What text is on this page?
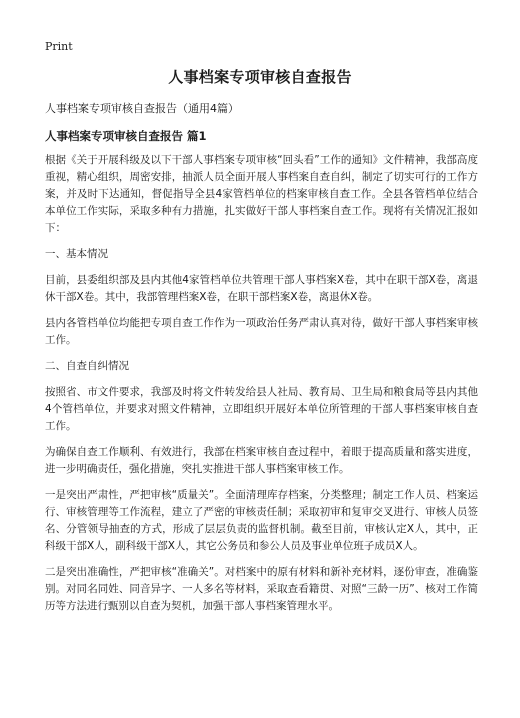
Print
人事档案专项审核自查报告
人事档案专项审核自查报告（通用4篇）
人事档案专项审核自查报告 篇1

根据《关于开展科级及以下干部人事档案专项审核“回头看”工作的通知》文件精神，我部高度重视，精心组织，周密安排，抽派人员全面开展人事档案自查自纠，制定了切实可行的工作方案，并及时下达通知，督促指导全县4家管档单位的档案审核自查工作。全县各管档单位结合本单位工作实际，采取多种有力措施，扎实做好干部人事档案自查工作。现将有关情况汇报如下：

一、基本情况

目前，县委组织部及县内其他4家管档单位共管理干部人事档案X卷，其中在职干部X卷，离退休干部X卷。其中，我部管理档案X卷，在职干部档案X卷，离退休X卷。

县内各管档单位均能把专项自查工作作为一项政治任务严肃认真对待，做好干部人事档案审核工作。

二、自查自纠情况

按照省、市文件要求，我部及时将文件转发给县人社局、教育局、卫生局和粮食局等县内其他4个管档单位，并要求对照文件精神，立即组织开展好本单位所管理的干部人事档案审核自查工作。

为确保自查工作顺利、有效进行，我部在档案审核自查过程中，着眼于提高质量和落实进度，进一步明确责任，强化措施，突扎实推进干部人事档案审核工作。

一是突出严肃性，严把审核“质量关”。全面清理库存档案，分类整理；制定工作人员、档案运行、审核管理等工作流程，建立了严密的审核责任制；采取初审和复审交叉进行、审核人员签名、分管领导抽查的方式，形成了层层负责的监督机制。截至目前，审核认定X人，其中，正科级干部X人，副科级干部X人，其它公务员和参公人员及事业单位班子成员X人。

二是突出准确性，严把审核“准确关”。对档案中的原有材料和新补充材料，逐份审查，准确鉴别。对同名同姓、同音异字、一人多名等材料，采取查看籍贯、对照“三龄一历”、核对工作简历等方法进行甄别以自查为契机，加强干部人事档案管理水平。
